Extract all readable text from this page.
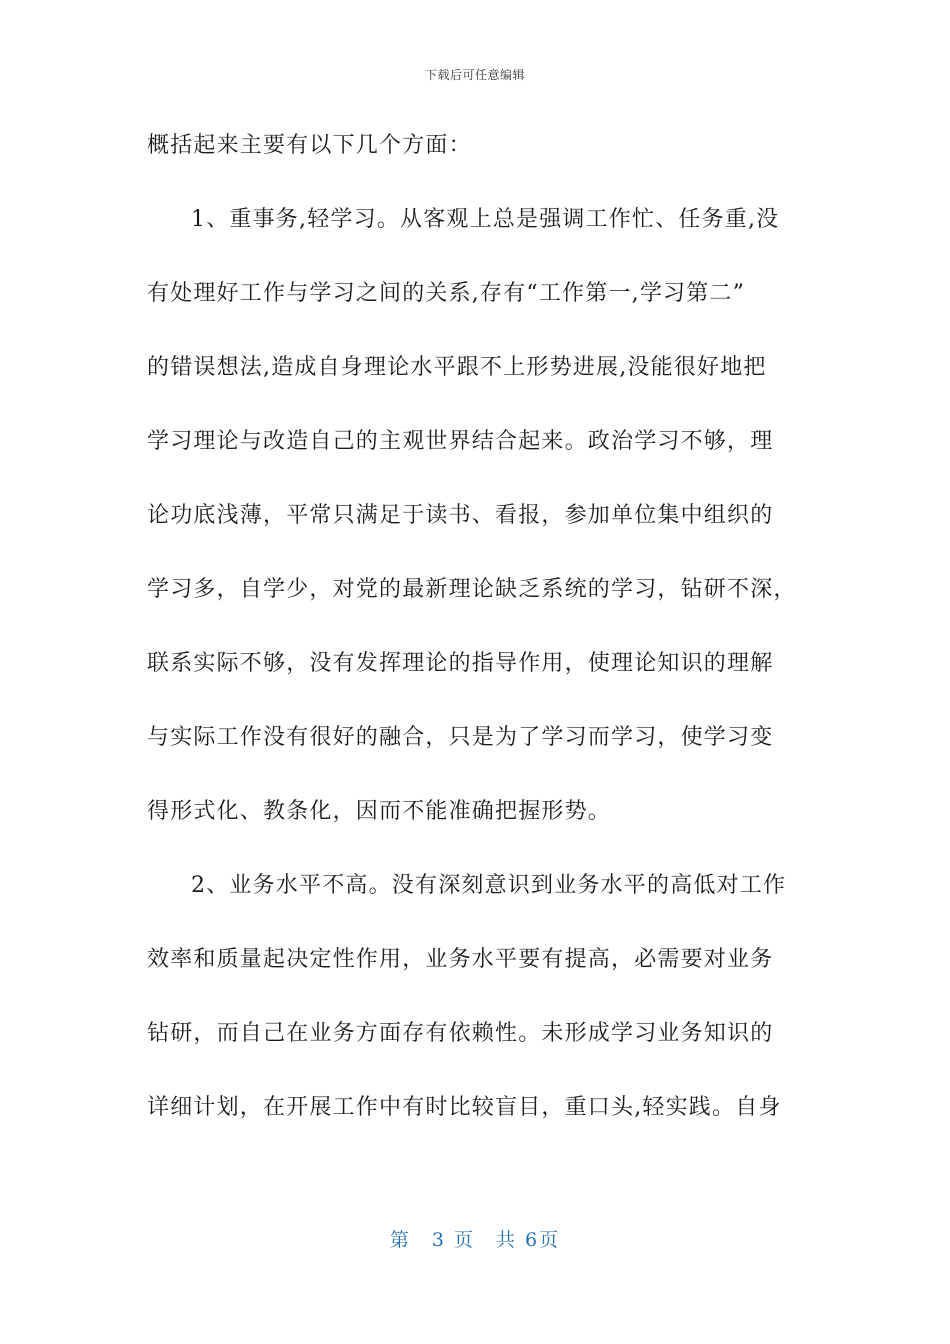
下载后可任意编辑
概括起来主要有以下几个方面：
1、重事务,轻学习。从客观上总是强调工作忙、任务重,没
有处理好工作与学习之间的关系,存有“工作第一,学习第二”
的错误想法,造成自身理论水平跟不上形势进展,没能很好地把
学习理论与改造自己的主观世界结合起来。政治学习不够，理
论功底浅薄，平常只满足于读书、看报，参加单位集中组织的
学习多，自学少，对党的最新理论缺乏系统的学习，钻研不深，
联系实际不够，没有发挥理论的指导作用，使理论知识的理解
与实际工作没有很好的融合，只是为了学习而学习，使学习变
得形式化、教条化，因而不能准确把握形势。
2、业务水平不高。没有深刻意识到业务水平的高低对工作
效率和质量起决定性作用，业务水平要有提高，必需要对业务
钻研，而自己在业务方面存有依赖性。未形成学习业务知识的
详细计划，在开展工作中有时比较盲目，重口头,轻实践。自身
第　3 页　共 6页
